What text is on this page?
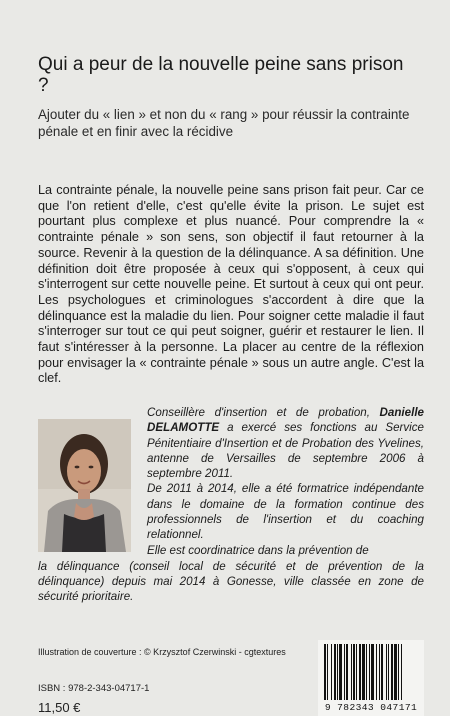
Qui a peur de la nouvelle peine sans prison ?
Ajouter du « lien » et non du « rang » pour réussir la contrainte pénale et en finir avec la récidive

La contrainte pénale, la nouvelle peine sans prison fait peur. Car ce que l'on retient d'elle, c'est qu'elle évite la prison. Le sujet est pourtant plus complexe et plus nuancé. Pour comprendre la « contrainte pénale » son sens, son objectif il faut retourner à la source. Revenir à la question de la délinquance. A sa définition. Une définition doit être proposée à ceux qui s'opposent, à ceux qui s'interrogent sur cette nouvelle peine. Et surtout à ceux qui ont peur. Les psychologues et criminologues s'accordent à dire que la délinquance est la maladie du lien. Pour soigner cette maladie il faut s'interroger sur tout ce qui peut soigner, guérir et restaurer le lien. Il faut s'intéresser à la personne. La placer au centre de la réflexion pour envisager la « contrainte pénale » sous un autre angle. C'est la clef.

Conseillère d'insertion et de probation, Danielle DELAMOTTE a exercé ses fonctions au Service Pénitentiaire d'Insertion et de Probation des Yvelines, antenne de Versailles de septembre 2006 à septembre 2011.

De 2011 à 2014, elle a été formatrice indépendante dans le domaine de la formation continue des professionnels de l'insertion et du coaching relationnel.

Elle est coordinatrice dans la prévention de

la délinquance (conseil local de sécurité et de prévention de la délinquance) depuis mai 2014 à Gonesse, ville classée en zone de sécurité prioritaire.

Illustration de couverture : © Krzysztof Czerwinski - cgtextures
ISBN : 978-2-343-04717-1
11,50 €	9 782343 047171
